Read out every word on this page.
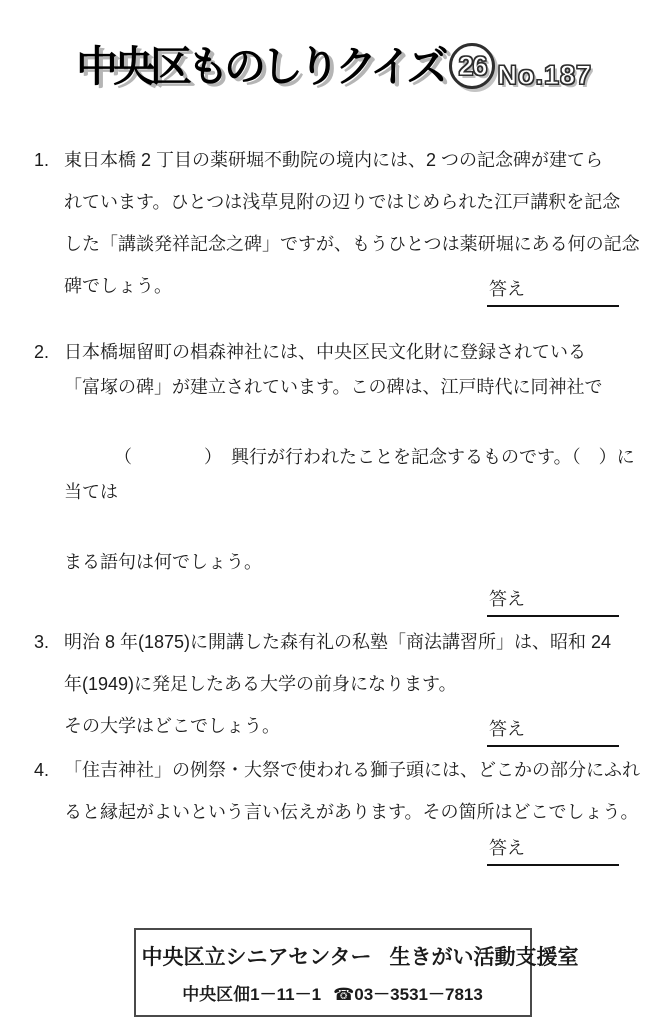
中央区ものしりクイズ 26 No.187
1. 東日本橋 2 丁目の薬研堀不動院の境内には、2 つの記念碑が建てら
れています。ひとつは浅草見附の辺りではじめられた江戸講釈を記念
した「講談発祥記念之碑」ですが、もうひとつは薬研堀にある何の記念
碑でしょう。	答え
2. 日本橋堀留町の椙森神社には、中央区民文化財に登録されている
「富塚の碑」が建立されています。この碑は、江戸時代に同神社で

（	）　興行が行われたことを記念するものです。（　）に当ては

まる語句は何でしょう。
答え
3. 明治 8 年(1875)に開講した森有礼の私塾「商法講習所」は、昭和 24
年(1949)に発足したある大学の前身になります。
その大学はどこでしょう。	答え
4. 「住吉神社」の例祭・大祭で使われる獅子頭には、どこかの部分にふれ
ると縁起がよいという言い伝えがあります。その箇所はどこでしょう。
答え
中央区立シニアセンター 生きがい活動支援室
中央区佃1－11－1 ☎03－3531－7813
